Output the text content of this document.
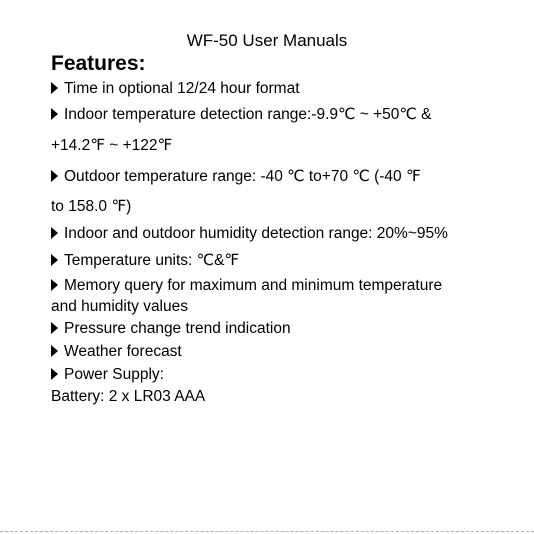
WF-50 User Manuals
Features:
Time in optional 12/24 hour format
Indoor temperature detection range:-9.9℃ ~ +50℃ &
+14.2℉ ~ +122℉
Outdoor temperature range: -40 ℃ to+70 ℃ (-40 ℉
to 158.0 ℉)
Indoor and outdoor humidity detection range: 20%~95%
Temperature units: ℃&℉
Memory query for maximum and minimum temperature
and humidity values
Pressure change trend indication
Weather forecast
Power Supply:
Battery: 2 x LR03 AAA
